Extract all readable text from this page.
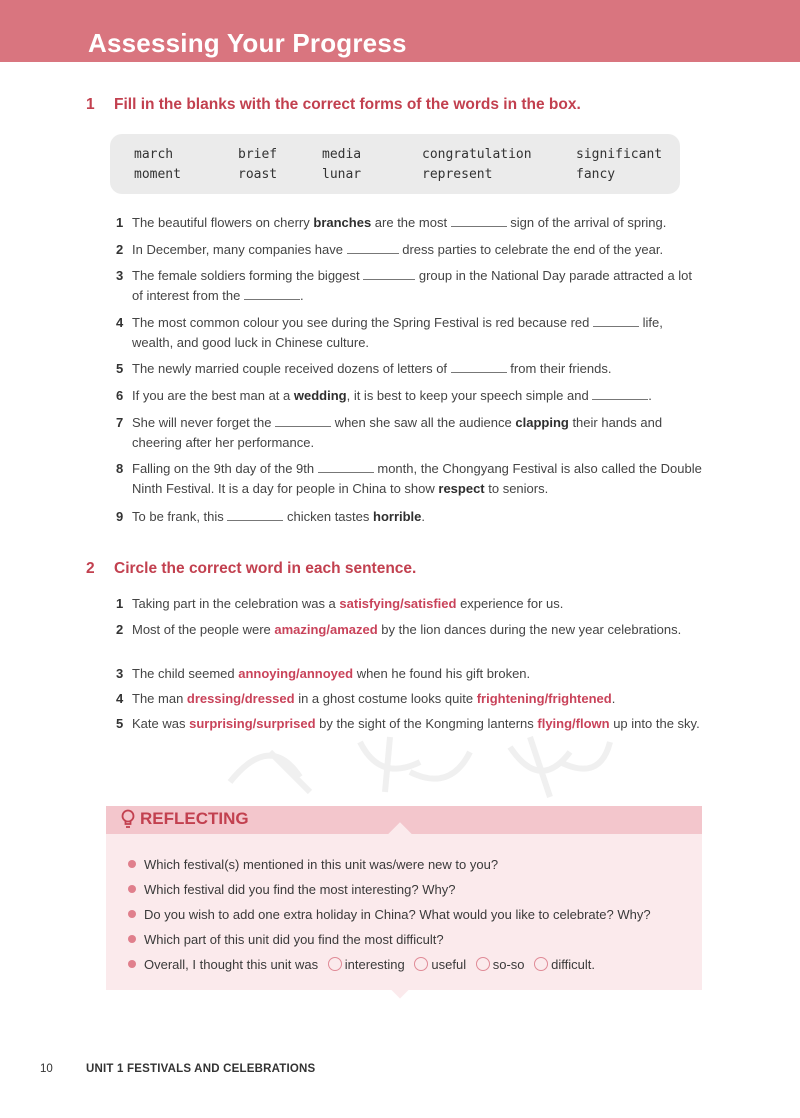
Assessing Your Progress
1 Fill in the blanks with the correct forms of the words in the box.
march	brief	media	congratulation	significant
moment	roast	lunar	represent	fancy
1 The beautiful flowers on cherry branches are the most	sign of the arrival of spring.
2 In December, many companies have	dress parties to celebrate the end of the year.
3 The female soldiers forming the biggest	group in the National Day parade attracted a lot of interest from the	.
4 The most common colour you see during the Spring Festival is red because red	life, wealth, and good luck in Chinese culture.
5 The newly married couple received dozens of letters of	from their friends.
6 If you are the best man at a wedding, it is best to keep your speech simple and	.
7 She will never forget the	when she saw all the audience clapping their hands and cheering after her performance.
8 Falling on the 9th day of the 9th	month, the Chongyang Festival is also called the Double Ninth Festival. It is a day for people in China to show respect to seniors.
9 To be frank, this	chicken tastes horrible.
2 Circle the correct word in each sentence.
1 Taking part in the celebration was a satisfying/satisfied experience for us.
2 Most of the people were amazing/amazed by the lion dances during the new year celebrations.
3 The child seemed annoying/annoyed when he found his gift broken.
4 The man dressing/dressed in a ghost costume looks quite frightening/frightened.
5 Kate was surprising/surprised by the sight of the Kongming lanterns flying/flown up into the sky.
REFLECTING
Which festival(s) mentioned in this unit was/were new to you?
Which festival did you find the most interesting? Why?
Do you wish to add one extra holiday in China? What would you like to celebrate? Why?
Which part of this unit did you find the most difficult?
Overall, I thought this unit was interesting useful so-so difficult.
10	UNIT 1 FESTIVALS AND CELEBRATIONS
